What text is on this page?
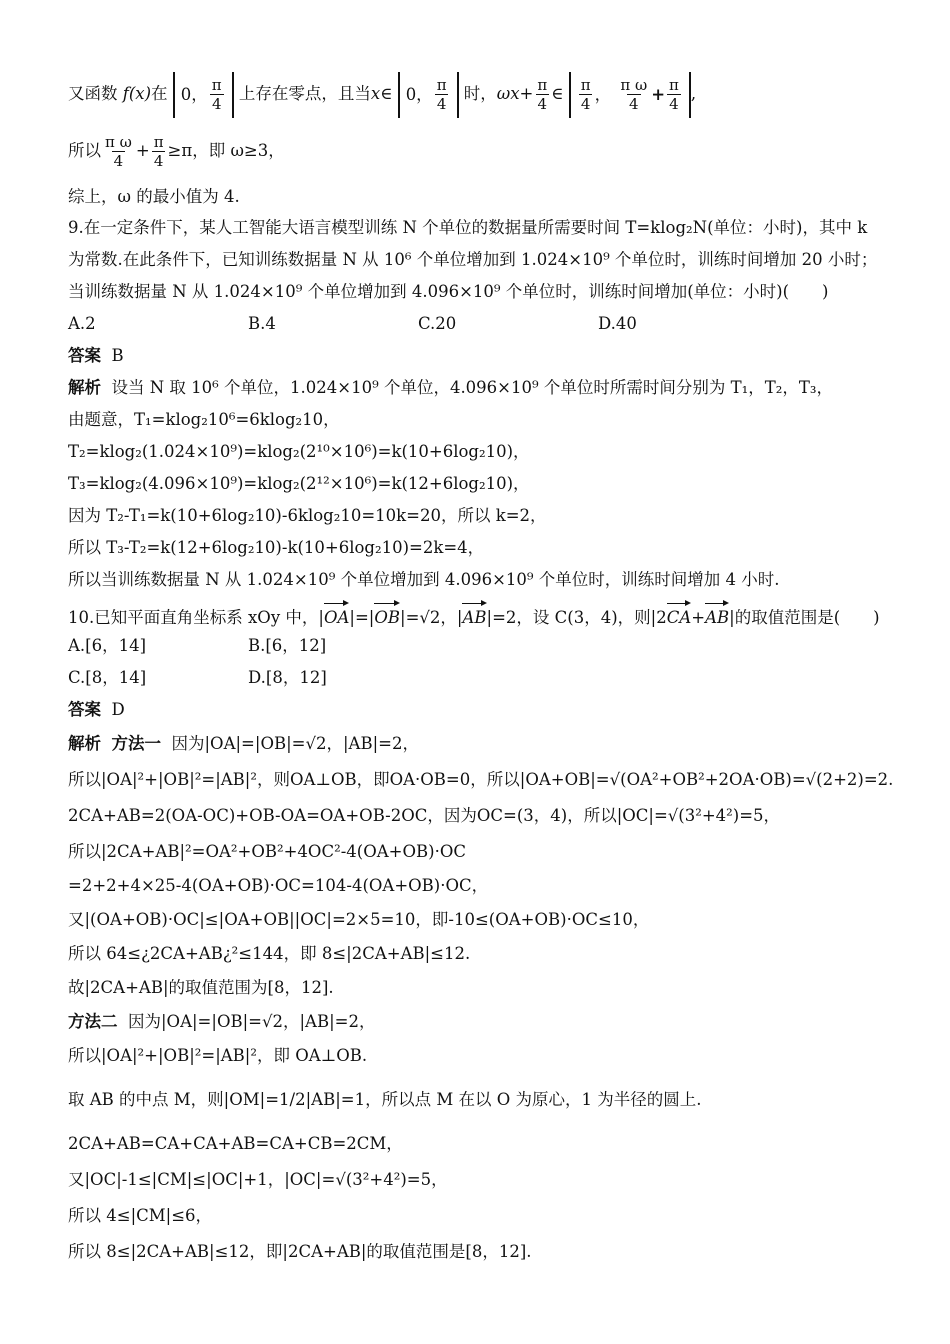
又函数 f(x)在 0， $\frac{\pi}{4}$ 上存在零点，且当x∈ 0， $\frac{\pi}{4}$ 时，$\omega x+ \frac{\pi}{4}$ ∈ $\frac{\pi}{4}$ ，
$\frac{\text{π ω}}{4} + \frac{\pi}{4}$ ,
所以 $\frac{\text{π ω}}{4} + \frac{\pi}{4} \ge\pi$，即 ω≥3，
综上，ω 的最小值为 4.
9.在一定条件下，某人工智能大语言模型训练 N 个单位的数据量所需要时间 T=klog₂N(单位：小时)，其中 k
为常数.在此条件下，已知训练数据量 N 从 10⁶ 个单位增加到 1.024×10⁹ 个单位时，训练时间增加 20 小时；
当训练数据量 N 从 1.024×10⁹ 个单位增加到 4.096×10⁹ 个单位时，训练时间增加(单位：小时)(　　)
A.2	B.4	C.20	D.40
答案 B
解析 设当 N 取 10⁶ 个单位，1.024×10⁹ 个单位，4.096×10⁹ 个单位时所需时间分别为 T₁，T₂，T₃，
由题意，T₁=klog₂10⁶=6klog₂10，
T₂=klog₂(1.024×10⁹)=klog₂(2¹⁰×10⁶)=k(10+6log₂10)，
T₃=klog₂(4.096×10⁹)=klog₂(2¹²×10⁶)=k(12+6log₂10)，
因为 T₂-T₁=k(10+6log₂10)-6klog₂10=10k=20，所以 k=2，
所以 T₃-T₂=k(12+6log₂10)-k(10+6log₂10)=2k=4，
所以当训练数据量 N 从 1.024×10⁹ 个单位增加到 4.096×10⁹ 个单位时，训练时间增加 4 小时.
10.已知平面直角坐标系 xOy 中，|OA|=|OB|=√2，|AB|=2，设 C(3，4)，则|2CA+AB|的取值范围是(　　)
A.[6，14]	B.[6，12]
C.[8，14]	D.[8，12]
答案 D
解析 方法一 因为|OA|=|OB|=√2，|AB|=2，
所以|OA|²+|OB|²=|AB|²，则OA⊥OB，即OA·OB=0，所以|OA+OB|=√(OA²+OB²+2OA·OB)=√(2+2)=2.
2CA+AB=2(OA-OC)+OB-OA=OA+OB-2OC，因为OC=(3，4)，所以|OC|=√(3²+4²)=5，
所以|2CA+AB|²=OA²+OB²+4OC²-4(OA+OB)·OC
=2+2+4×25-4(OA+OB)·OC=104-4(OA+OB)·OC，
又|(OA+OB)·OC|≤|OA+OB||OC|=2×5=10，即-10≤(OA+OB)·OC≤10，
所以 64≤¿2CA+AB¿²≤144，即 8≤|2CA+AB|≤12.
故|2CA+AB|的取值范围为[8，12].
方法二 因为|OA|=|OB|=√2，|AB|=2，
所以|OA|²+|OB|²=|AB|²，即 OA⊥OB.
取 AB 的中点 M，则|OM|=1/2|AB|=1，所以点 M 在以 O 为原心，1 为半径的圆上.
2CA+AB=CA+CA+AB=CA+CB=2CM，
又|OC|-1≤|CM|≤|OC|+1，|OC|=√(3²+4²)=5，
所以 4≤|CM|≤6，
所以 8≤|2CA+AB|≤12，即|2CA+AB|的取值范围是[8，12].
